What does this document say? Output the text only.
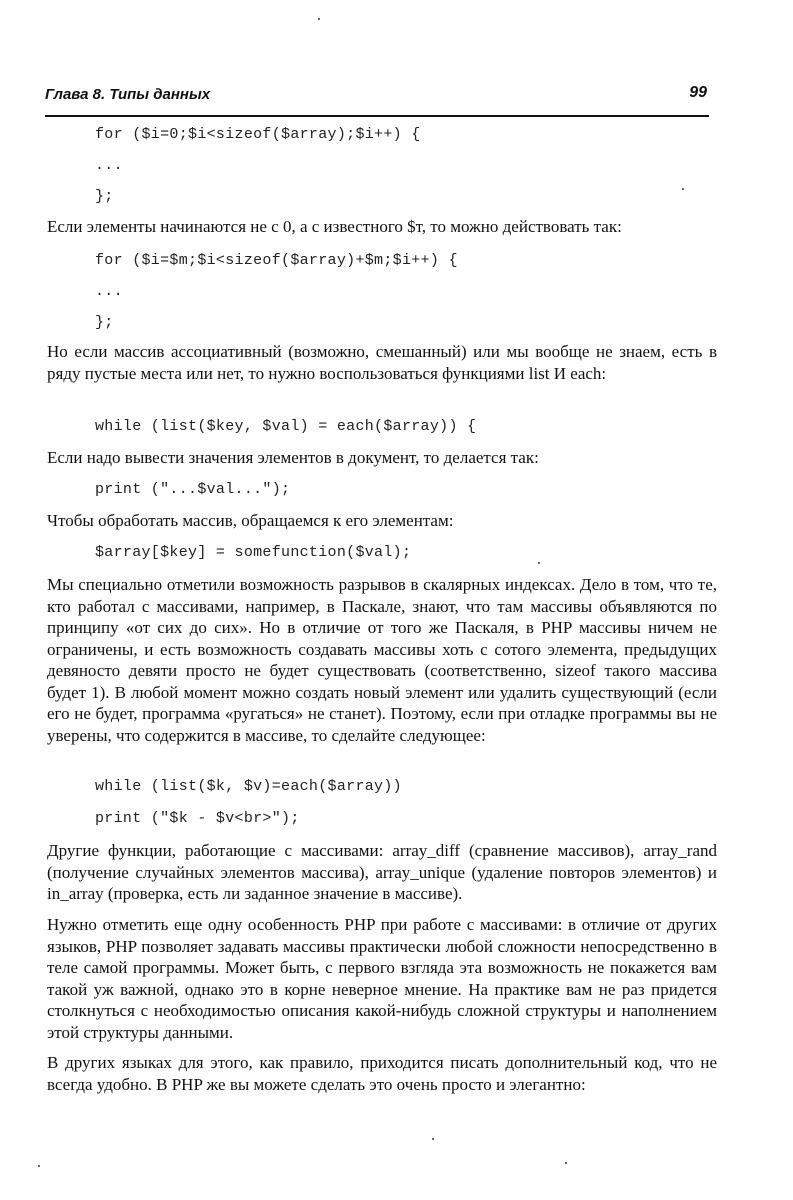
Глава 8. Типы данных	99
for ($i=0;$i<sizeof($array);$i++) {
...
};

Если элементы начинаются не с 0, а с известного $т, то можно действовать так:

for ($i=$m;$i<sizeof($array)+$m;$i++) {
...
};

Но если массив ассоциативный (возможно, смешанный) или мы вообще не знаем, есть в ряду пустые места или нет, то нужно воспользоваться функциями list И each:

while (list($key, $val) = each($array)) {

Если надо вывести значения элементов в документ, то делается так:

print ("...$val...");

Чтобы обработать массив, обращаемся к его элементам:

$array[$key] = somefunction($val);

Мы специально отметили возможность разрывов в скалярных индексах. Дело в том, что те, кто работал с массивами, например, в Паскале, знают, что там массивы объявляются по принципу «от сих до сих». Но в отличие от того же Паскаля, в PHP массивы ничем не ограничены, и есть возможность создавать массивы хоть с сотого элемента, предыдущих девяносто девяти просто не будет существовать (соответственно, sizeof такого массива будет 1). В любой момент можно создать новый элемент или удалить существующий (если его не будет, программа «ругаться» не станет). Поэтому, если при отладке программы вы не уверены, что содержится в массиве, то сделайте следующее:

while (list($k, $v)=each($array))
print ("$k - $v<br>");

Другие функции, работающие с массивами: array_diff (сравнение массивов), array_rand (получение случайных элементов массива), array_unique (удаление повторов элементов) и in_array (проверка, есть ли заданное значение в массиве).

Нужно отметить еще одну особенность PHP при работе с массивами: в отличие от других языков, PHP позволяет задавать массивы практически любой сложности непосредственно в теле самой программы. Может быть, с первого взгляда эта возможность не покажется вам такой уж важной, однако это в корне неверное мнение. На практике вам не раз придется столкнуться с необходимостью описания какой-нибудь сложной структуры и наполнением этой структуры данными.

В других языках для этого, как правило, приходится писать дополнительный код, что не всегда удобно. В PHP же вы можете сделать это очень просто и элегантно:
